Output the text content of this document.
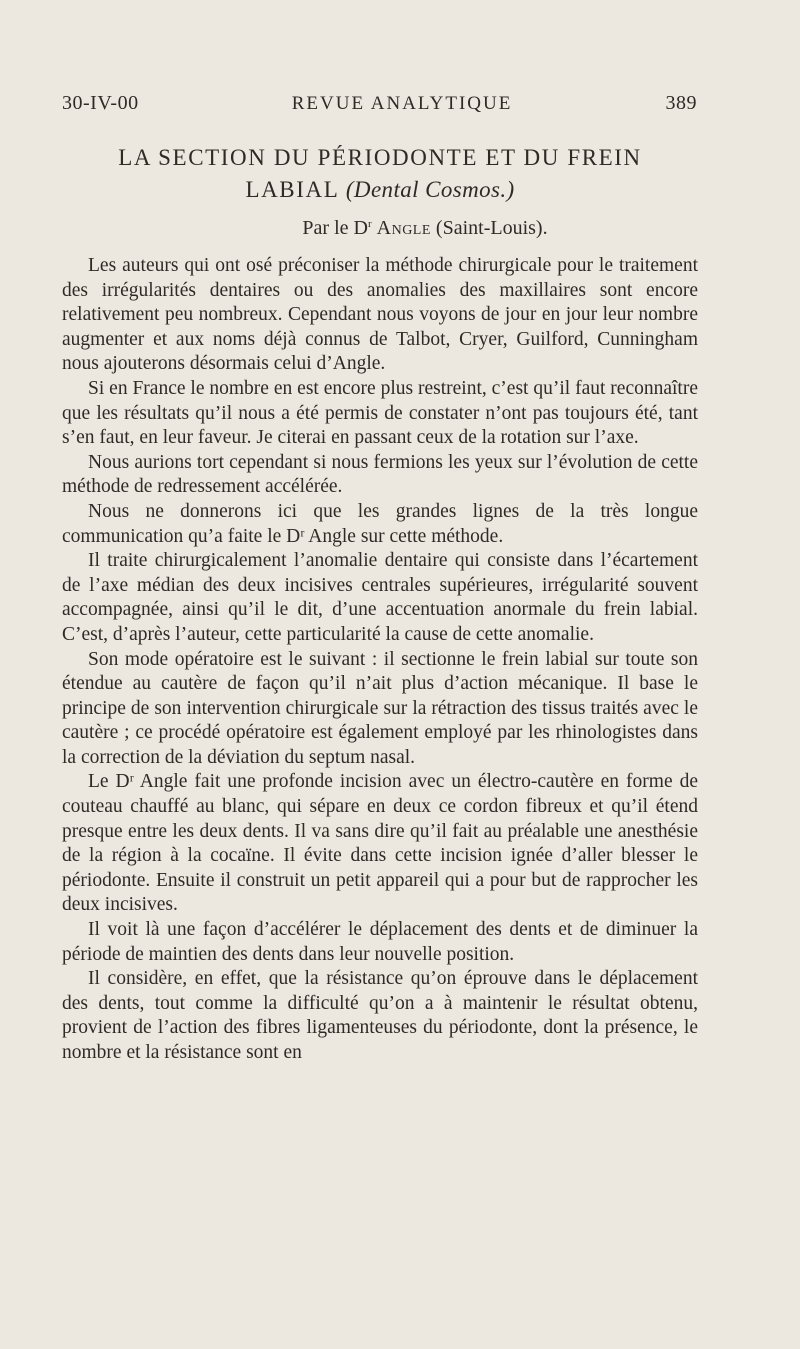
30-IV-00	REVUE ANALYTIQUE	389
LA SECTION DU PÉRIODONTE ET DU FREIN
LABIAL (Dental Cosmos.)
Par le $D^r$ Angle (Saint-Louis).

Les auteurs qui ont osé préconiser la méthode chirurgicale pour le traitement des irrégularités dentaires ou des anomalies des maxillaires sont encore relativement peu nombreux. Cependant nous voyons de jour en jour leur nombre augmenter et aux noms déjà connus de Talbot, Cryer, Guilford, Cunningham nous ajouterons désormais celui d’Angle.

Si en France le nombre en est encore plus restreint, c’est qu’il faut reconnaître que les résultats qu’il nous a été permis de constater n’ont pas toujours été, tant s’en faut, en leur faveur. Je citerai en passant ceux de la rotation sur l’axe.

Nous aurions tort cependant si nous fermions les yeux sur l’évolution de cette méthode de redressement accélérée.

Nous ne donnerons ici que les grandes lignes de la très longue communication qu’a faite le Dʳ Angle sur cette méthode.

Il traite chirurgicalement l’anomalie dentaire qui consiste dans l’écartement de l’axe médian des deux incisives centrales supérieures, irrégularité souvent accompagnée, ainsi qu’il le dit, d’une accentuation anormale du frein labial. C’est, d’après l’auteur, cette particularité la cause de cette anomalie.

Son mode opératoire est le suivant : il sectionne le frein labial sur toute son étendue au cautère de façon qu’il n’ait plus d’action mécanique. Il base le principe de son intervention chirurgicale sur la rétraction des tissus traités avec le cautère ; ce procédé opératoire est également employé par les rhinologistes dans la correction de la déviation du septum nasal.

Le Dʳ Angle fait une profonde incision avec un électro-cautère en forme de couteau chauffé au blanc, qui sépare en deux ce cordon fibreux et qu’il étend presque entre les deux dents. Il va sans dire qu’il fait au préalable une anesthésie de la région à la cocaïne. Il évite dans cette incision ignée d’aller blesser le périodonte. Ensuite il construit un petit appareil qui a pour but de rapprocher les deux incisives.

Il voit là une façon d’accélérer le déplacement des dents et de diminuer la période de maintien des dents dans leur nouvelle position.

Il considère, en effet, que la résistance qu’on éprouve dans le déplacement des dents, tout comme la difficulté qu’on a à maintenir le résultat obtenu, provient de l’action des fibres ligamenteuses du périodonte, dont la présence, le nombre et la résistance sont en
